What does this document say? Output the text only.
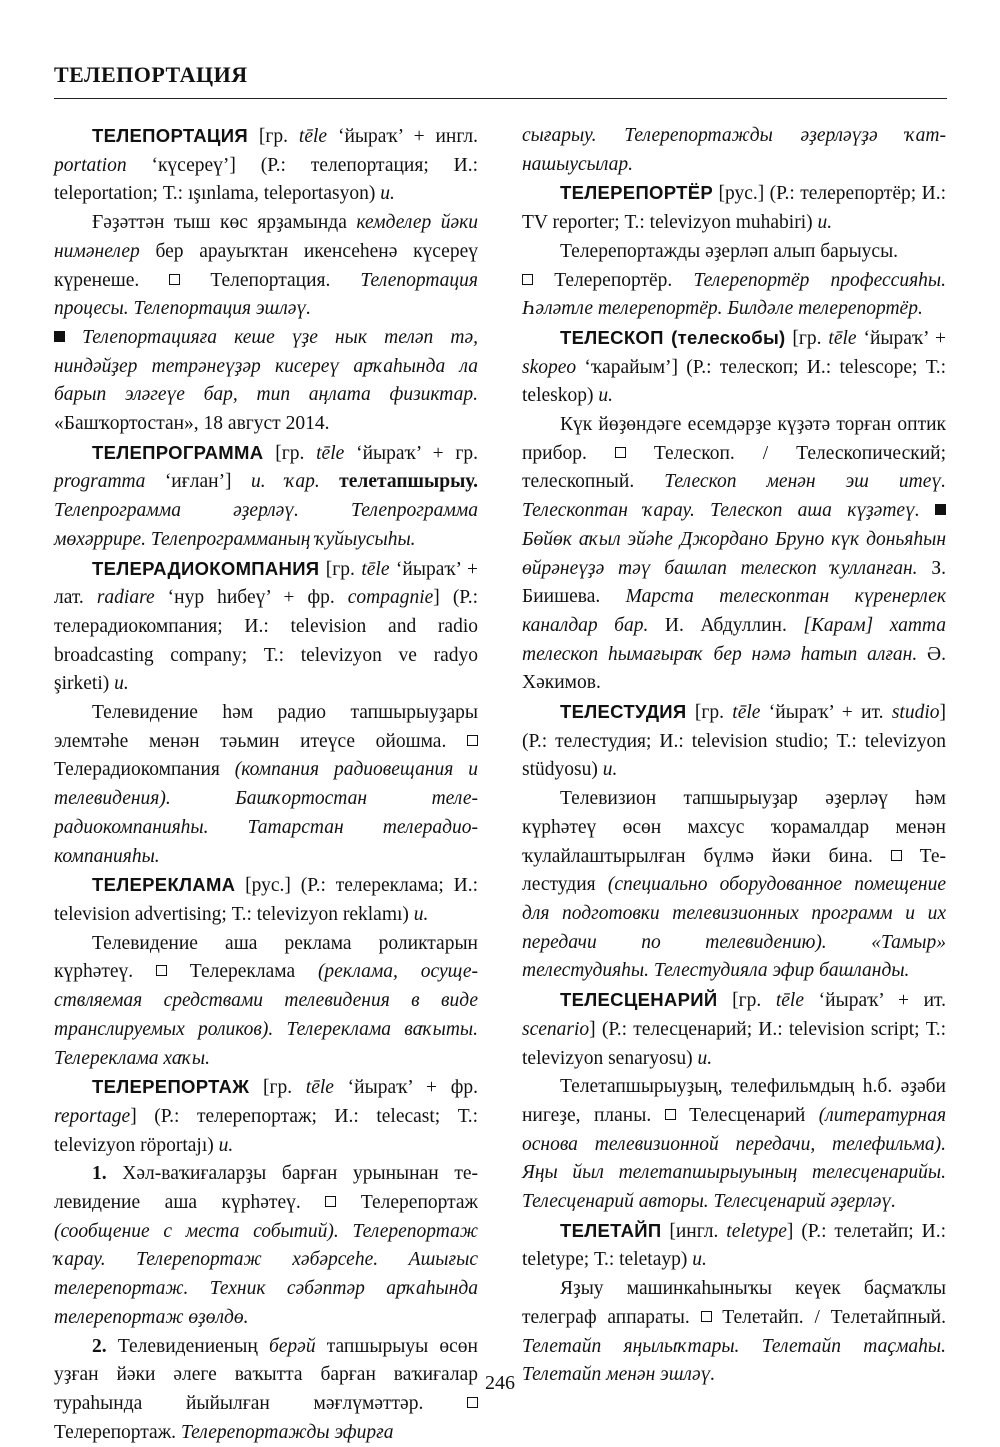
ТЕЛЕПОРТАЦИЯ

ТЕЛЕПОРТАЦИЯ [гр. tēle ‘йыраҡ’ + ингл. portation ‘күсереү’] (Р.: телепортация; И.: teleportation; Т.: ışınlama, teleportasyon) и.

Ғәҙәттән тыш көс ярҙамында кемделер йәки нимәнелер бер араyыҡтан икенсеһенә күсереү күренеше.  Телепортация. Телепортация процесы. Телепортация эшләү.

Телепортацияға кеше үҙе нык теләп тә, ниндәйҙер тетрәнеүҙәр кисереү арҡаһында ла барып эләгеүе бар, тип аңлата физиктар. «Башҡортостан», 18 август 2014.

ТЕЛЕПРОГРАММА [гр. tēle ‘йыраҡ’ + гр. programma ‘иғлан’] и. ҡар. телетапшырыу. Телепрограмма әҙерләү. Телепрограмма мөхәррире. Телепрограмманың ҡуйыусыһы.

ТЕЛЕРАДИОКОМПАНИЯ [гр. tēle ‘йыраҡ’ + лат. radiare ‘нур һибеү’ + фр. compagnie] (Р.: телерадиокомпания; И.: television and radio broadcasting company; Т.: televizyon ve radyo şirketi) и.

Телевидение һәм радио тапшырыуҙары элемтәһе менән тәьмин итеүсе ойошма.  Телерадиокомпания (компания радиовещания и телевидения). Башҡортостан телерадиокомпанияһы. Татарстан телерадиокомпанияһы.

ТЕЛЕРЕКЛАМА [рус.] (Р.: телереклама; И.: television advertising; Т.: televizyon reklamı) и.

Телевидение аша реклама роликтарын күрһәтеү.  Телереклама (реклама, осуществляемая средствами телевидения в виде транслируемых роликов). Телереклама ваҡыты. Телереклама хаҡы.

ТЕЛЕРЕПОРТАЖ [гр. tēle ‘йыраҡ’ + фр. reportage] (Р.: телерепортаж; И.: telecast; Т.: televizyon röportajı) и.

1. Хәл-ваҡиғаларҙы барған урынынан телевидение аша күрһәтеү.  Телерепортаж (сообщение с места событий). Телерепортаж ҡарау. Телерепортаж хәбәрсеһе. Ашығыс телерепортаж. Техник сәбәптәр арҡаһында телерепортаж өҙөлдө.

2. Телевидениеның берәй тапшырыуы өсөн уҙған йәки әлеге ваҡытта барған ваҡиғалар тураһында йыйылған мәғлүмәттәр.  Телерепортаж. Телерепортажды эфирға

сығарыу. Телерепортажды әҙерләүҙә ҡатнашыусылар.

ТЕЛЕРЕПОРТЁР [рус.] (Р.: телерепортёр; И.: TV reporter; Т.: televizyon muhabiri) и.

Телерепортажды әҙерләп алып барыусы.

Телерепортёр. Телерепортёр профессияһы. Һәләтле телерепортёр. Билдәле телерепортёр.

ТЕЛЕСКОП (телескобы) [гр. tēle ‘йыраҡ’ + skopeo ‘ҡарайым’] (Р.: телескоп; И.: telescope; Т.: teleskop) и.

Күк йөҙөндәге есемдәрҙе күҙәтә торған оптик прибор.  Телескоп. / Телескопический; телескопный. Телескоп менән эш итеү. Телескоптан ҡарау. Телескоп аша күҙәтеү.  Бөйөк аҡыл эйәһе Джордано Бруно күк доньяһын өйрәнеүҙә тәү башлап телескоп ҡулланған. З. Биишева. Марста телескоптан күренерлек каналдар бар. И. Абдуллин. [Карам] хатта телескоп һымағыраҡ бер нәмә һатып алған. Ә. Хәкимов.

ТЕЛЕСТУДИЯ [гр. tēle ‘йыраҡ’ + ит. studio] (Р.: телестудия; И.: television studio; Т.: televizyon stüdyosu) и.

Телевизион тапшырыуҙар әҙерләү һәм күрһәтеү өсөн махсус ҡорамалдар менән ҡулайлаштырылған бүлмә йәки бина.  Телестудия (специально оборудованное помещение для подготовки телевизионных программ и их передачи по телевидению). «Тамыр» телестудияһы. Телестудияла эфир башланды.

ТЕЛЕСЦЕНАРИЙ [гр. tēle ‘йыраҡ’ + ит. scenario] (Р.: телесценарий; И.: television script; Т.: televizyon senaryosu) и.

Телетапшырыуҙың, телефильмдың һ.б. әҙәби нигеҙе, планы.  Телесценарий (литературная основа телевизионной передачи, телефильма). Яңы йыл телетапшырыуының телесценарийы. Телесценарий авторы. Телесценарий әҙерләү.

ТЕЛЕТАЙП [ингл. teletype] (Р.: телетайп; И.: teletype; Т.: teletayp) и.

Яҙыу машинкаһыныҡы кеүек баҫмаҡлы телеграф аппараты.  Телетайп. / Телетайпный. Телетайп яңылыҡтары. Телетайп таҫмаһы. Телетайп менән эшләү.

246
